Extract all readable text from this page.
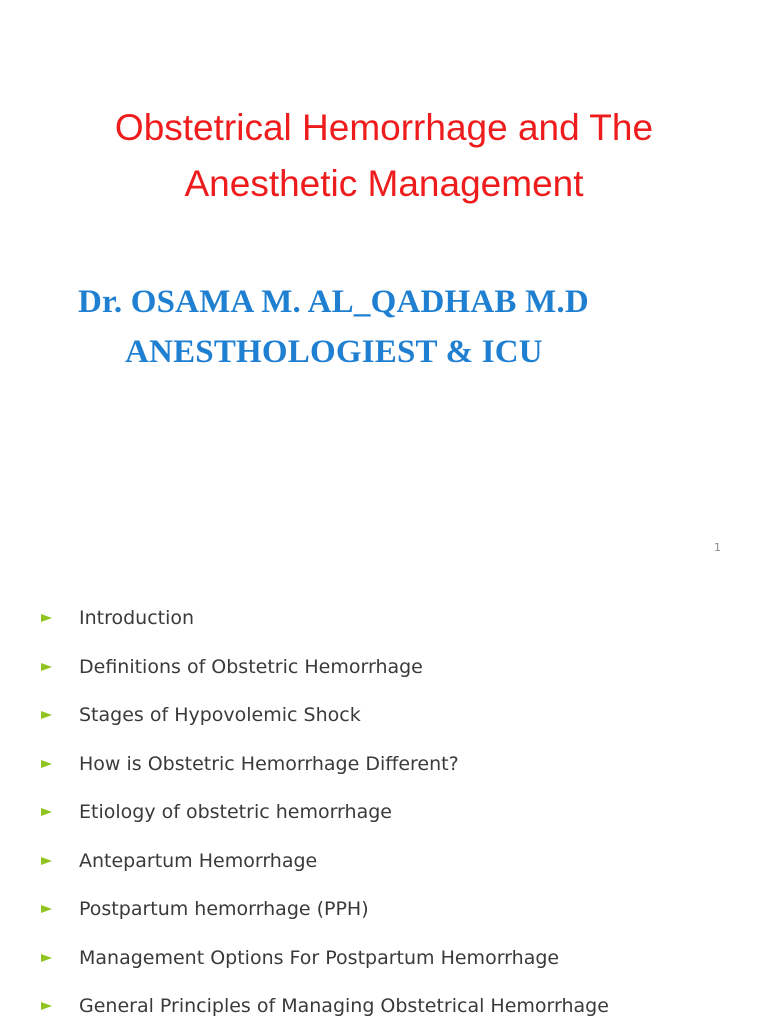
Obstetrical Hemorrhage and The
Anesthetic Management
Dr. OSAMA M. AL_QADHAB M.D
ANESTHOLOGIEST & ICU
1
Introduction
Definitions of Obstetric Hemorrhage
Stages of Hypovolemic Shock
How is Obstetric Hemorrhage Different?
Etiology of obstetric hemorrhage
Antepartum Hemorrhage
Postpartum hemorrhage (PPH)
Management Options For Postpartum Hemorrhage
General Principles of Managing Obstetrical Hemorrhage
